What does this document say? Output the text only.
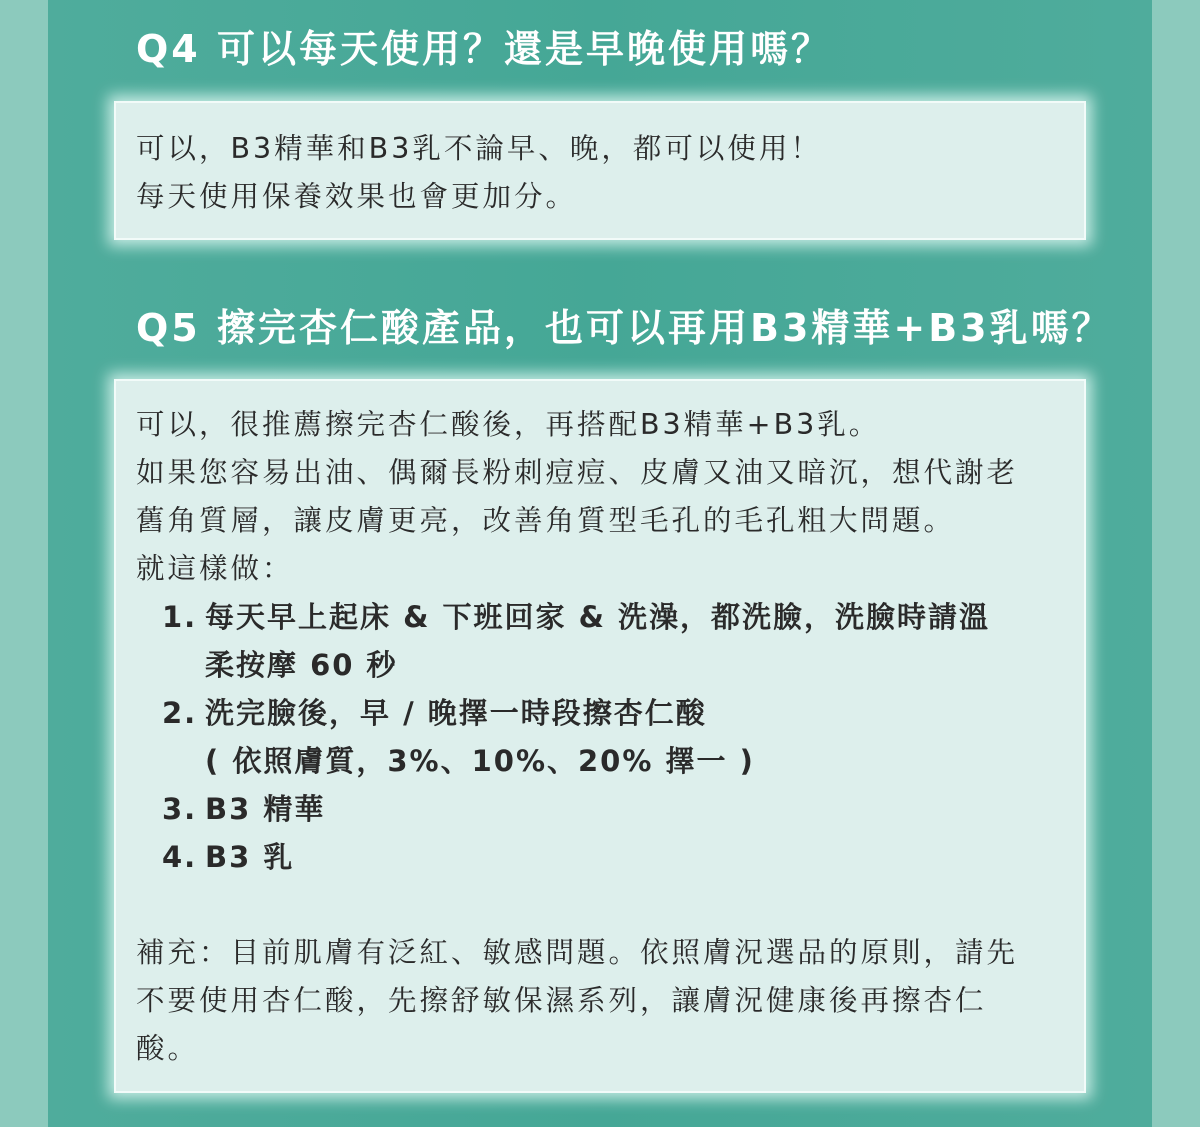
Q4 可以每天使用？還是早晚使用嗎？
可以，B3精華和B3乳不論早、晚，都可以使用！
每天使用保養效果也會更加分。
Q5 擦完杏仁酸產品，也可以再用B3精華+B3乳嗎？
可以，很推薦擦完杏仁酸後，再搭配B3精華+B3乳。
如果您容易出油、偶爾長粉刺痘痘、皮膚又油又暗沉，想代謝老
舊角質層，讓皮膚更亮，改善角質型毛孔的毛孔粗大問題。
就這樣做：
1. 每天早上起床 & 下班回家 & 洗澡，都洗臉，洗臉時請溫
柔按摩 60 秒
2. 洗完臉後，早 / 晚擇一時段擦杏仁酸
( 依照膚質，3%、10%、20% 擇一 )
3. B3 精華
4. B3 乳
補充：目前肌膚有泛紅、敏感問題。依照膚況選品的原則，請先
不要使用杏仁酸，先擦舒敏保濕系列，讓膚況健康後再擦杏仁
酸。
